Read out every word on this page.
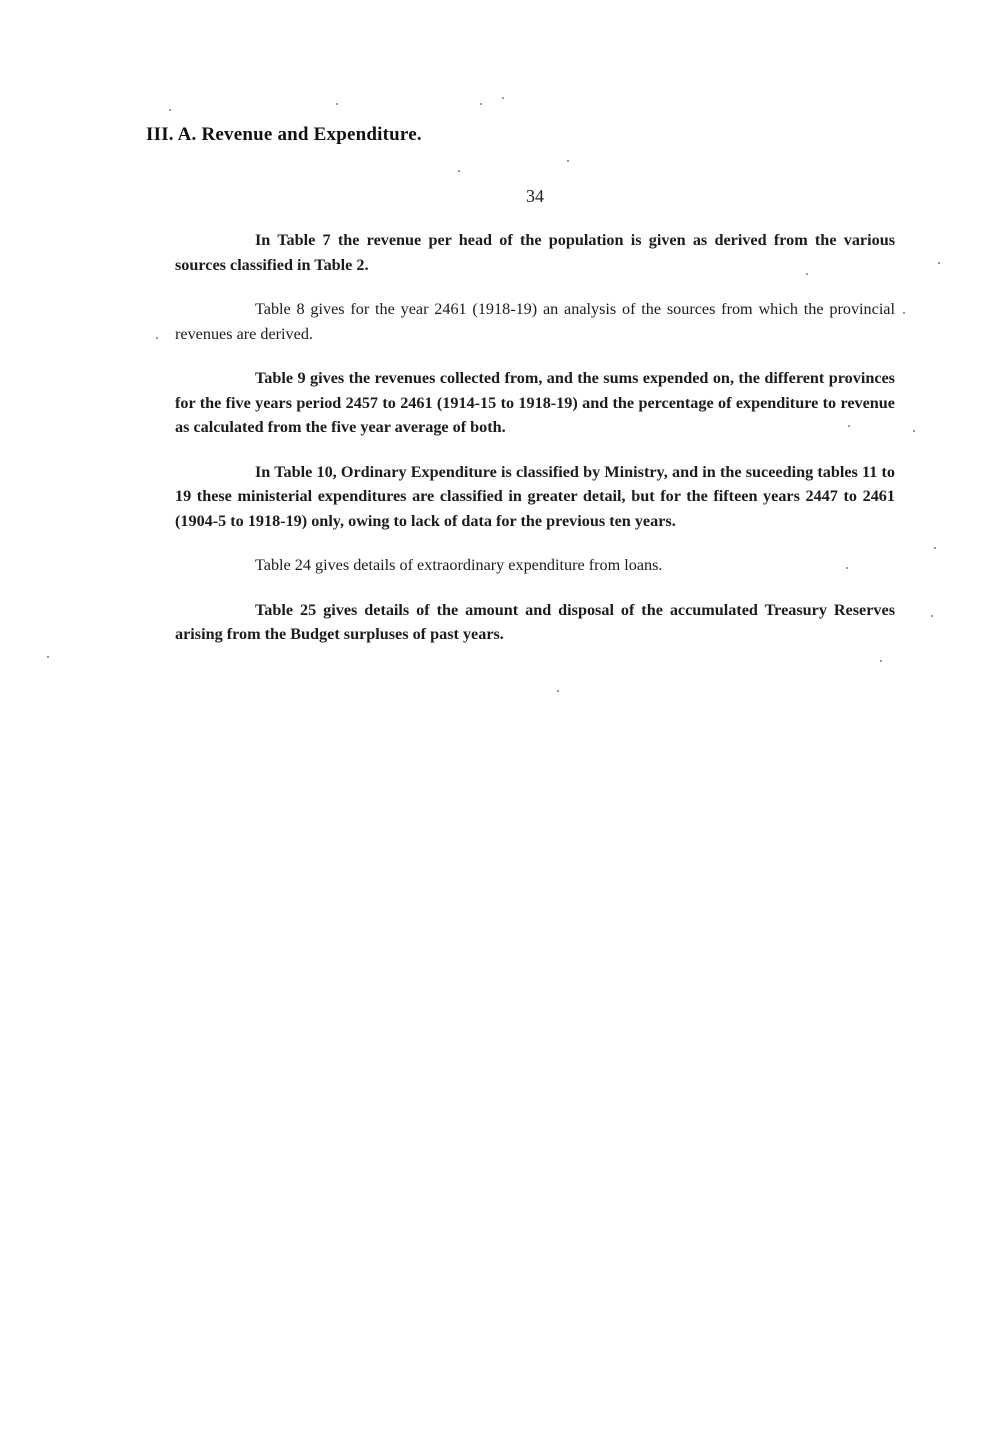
III. A. Revenue and Expenditure.
34

In Table 7 the revenue per head of the population is given as derived from the various sources classified in Table 2.

Table 8 gives for the year 2461 (1918-19) an analysis of the sources from which the provincial revenues are derived.

Table 9 gives the revenues collected from, and the sums expended on, the different provinces for the five years period 2457 to 2461 (1914-15 to 1918-19) and the percentage of expenditure to revenue as calculated from the five year average of both.

In Table 10, Ordinary Expenditure is classified by Ministry, and in the suceeding tables 11 to 19 these ministerial expenditures are classified in greater detail, but for the fifteen years 2447 to 2461 (1904-5 to 1918-19) only, owing to lack of data for the previous ten years.

Table 24 gives details of extraordinary expenditure from loans.

Table 25 gives details of the amount and disposal of the accumulated Treasury Reserves arising from the Budget surpluses of past years.
